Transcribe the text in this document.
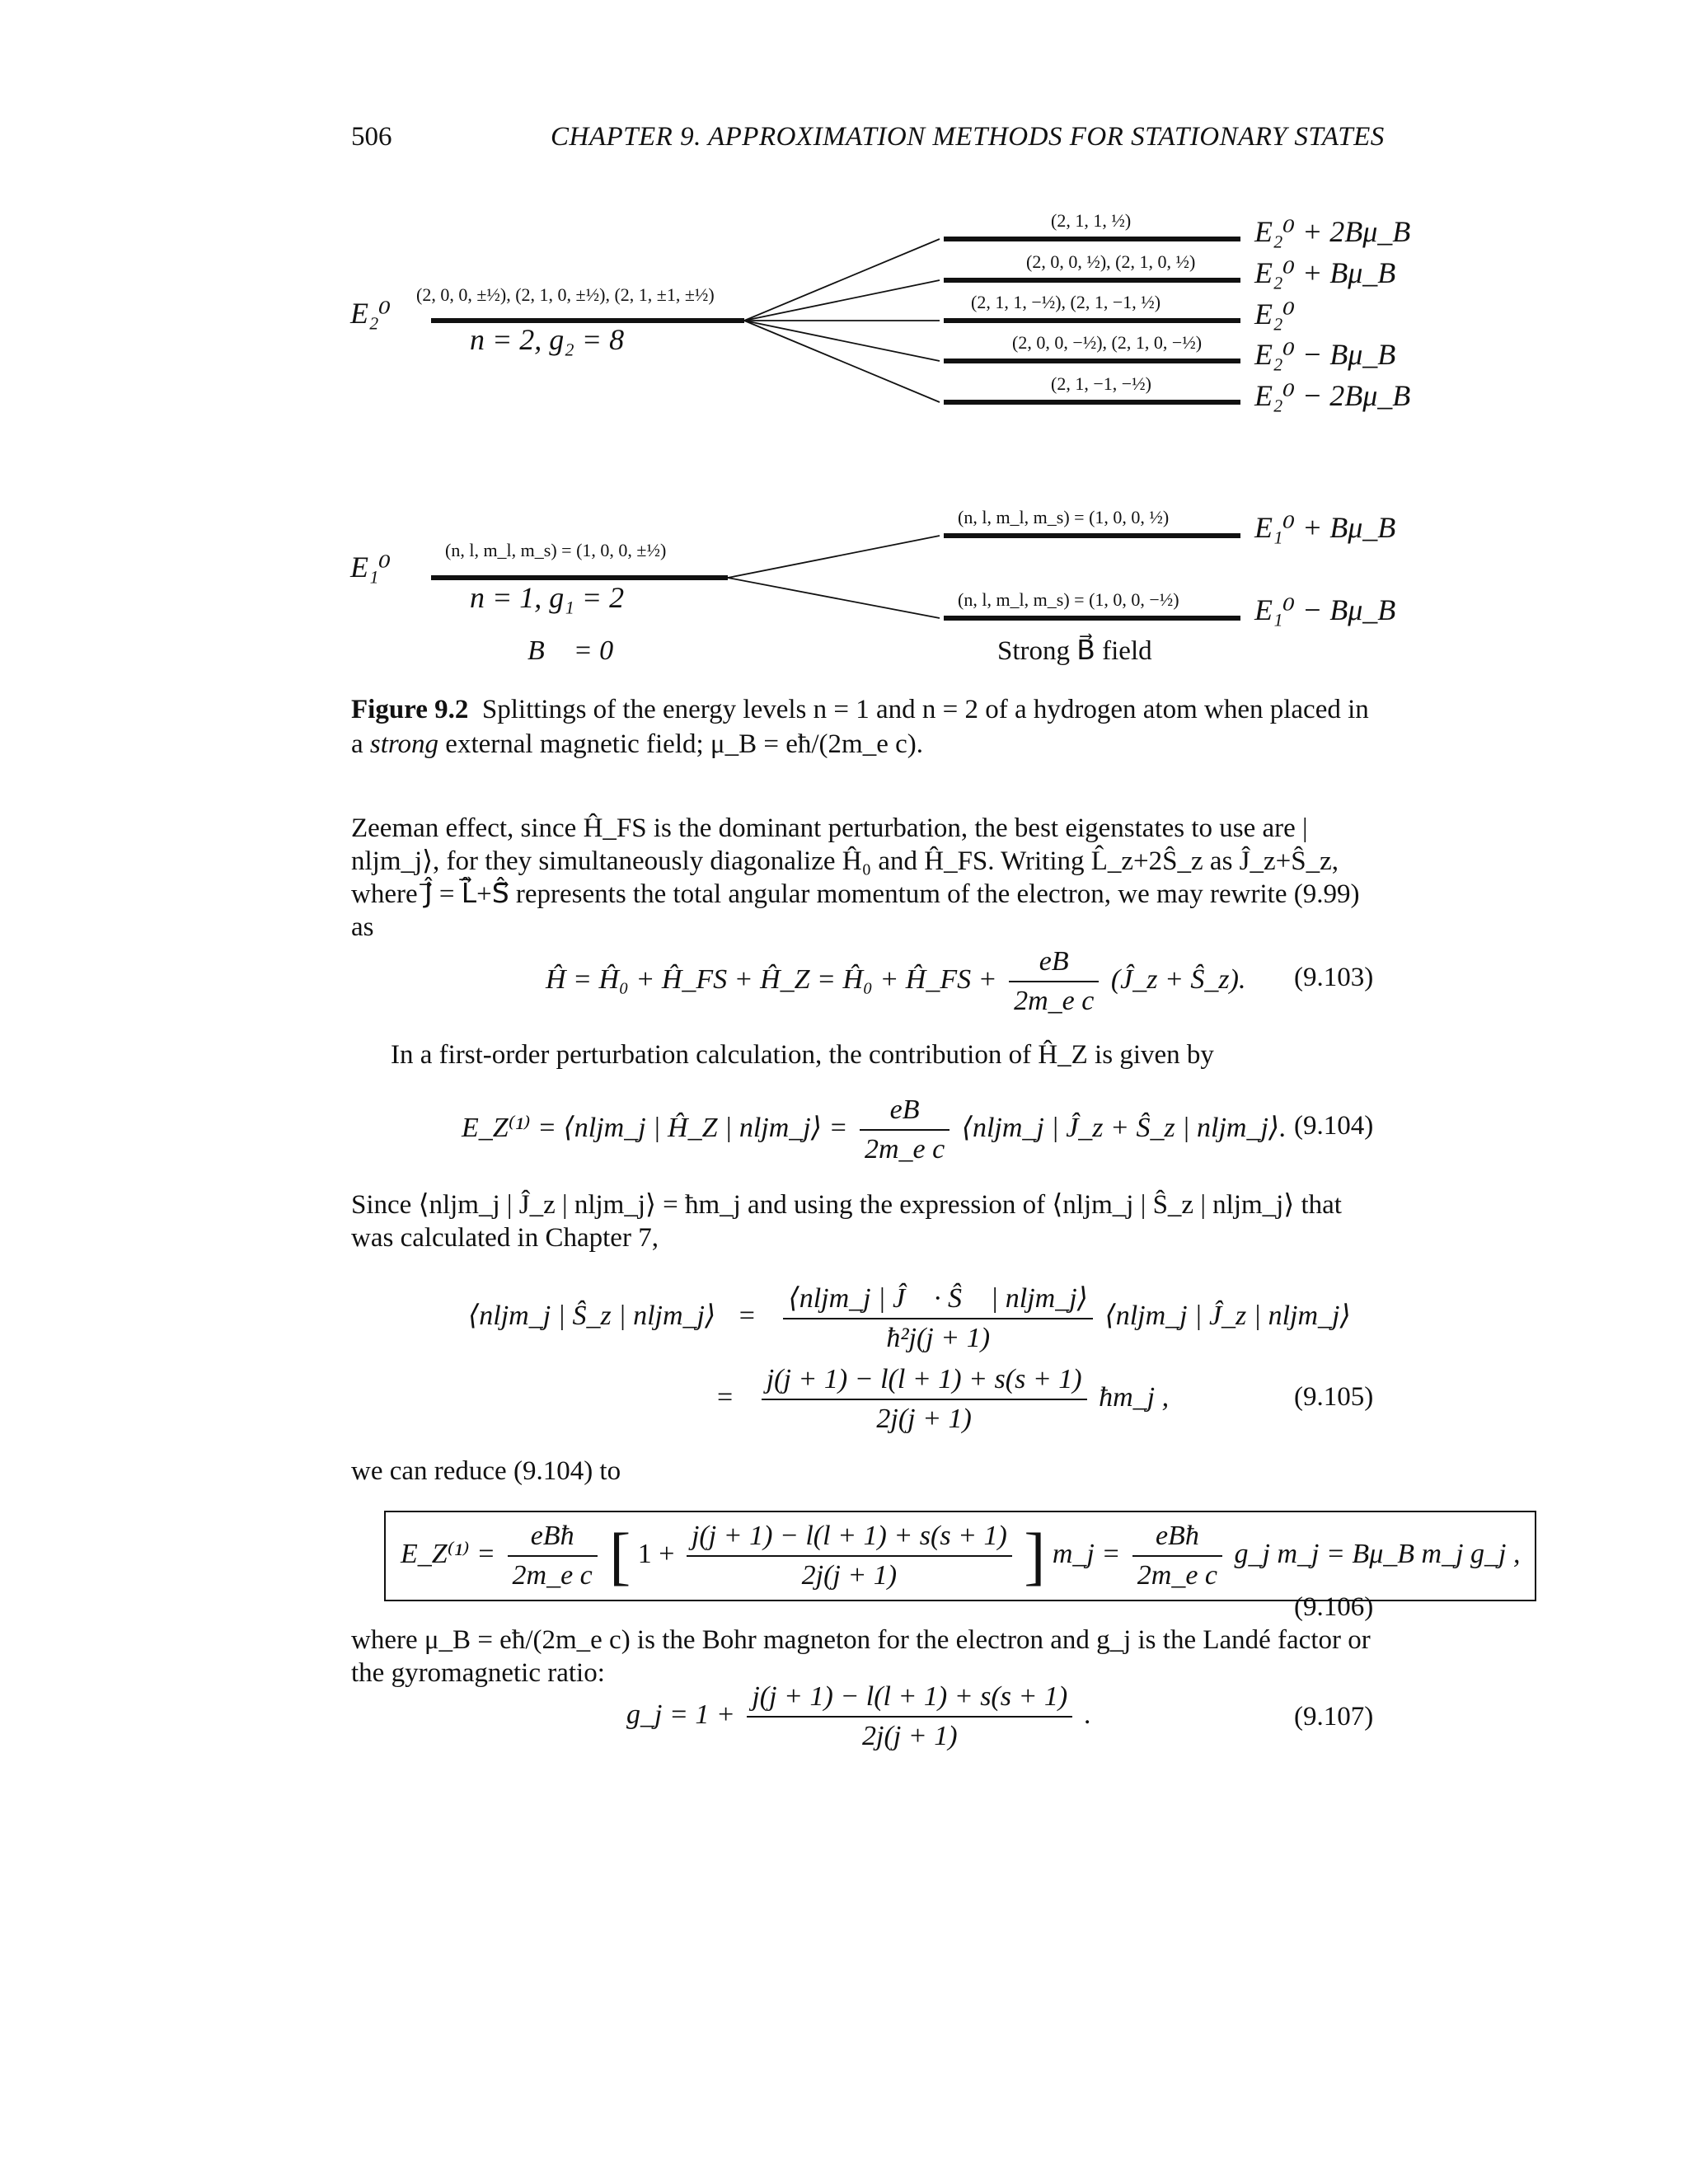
506	CHAPTER 9. APPROXIMATION METHODS FOR STATIONARY STATES
E₂⁰
(2, 0, 0, ±½), (2, 1, 0, ±½), (2, 1, ±1, ±½)
n = 2, g₂ = 8
(2, 1, 1, ½)
(2, 0, 0, ½), (2, 1, 0, ½)
(2, 1, 1, −½), (2, 1, −1, ½)
(2, 0, 0, −½), (2, 1, 0, −½)
(2, 1, −1, −½)
E₂⁰ + 2Bμ_B
E₂⁰ + Bμ_B
E₂⁰
E₂⁰ − Bμ_B
E₂⁰ − 2Bμ_B
E₁⁰
(n, l, m_l, m_s) = (1, 0, 0, ±½)
n = 1, g₁ = 2
(n, l, m_l, m_s) = (1, 0, 0, ½)
(n, l, m_l, m_s) = (1, 0, 0, −½)
E₁⁰ + Bμ_B
E₁⁰ − Bμ_B
B⃗ = 0	Strong B⃗ field
Figure 9.2 Splittings of the energy levels n = 1 and n = 2 of a hydrogen atom when placed in a strong external magnetic field; μ_B = eħ/(2m_e c).
Zeeman effect, since Ĥ_FS is the dominant perturbation, the best eigenstates to use are | nljm_j⟩, for they simultaneously diagonalize Ĥ₀ and Ĥ_FS. Writing L̂_z+2Ŝ_z as Ĵ_z+Ŝ_z, where Ĵ⃗ = L̂⃗+Ŝ⃗ represents the total angular momentum of the electron, we may rewrite (9.99) as
Ĥ = Ĥ₀ + Ĥ_FS + Ĥ_Z = Ĥ₀ + Ĥ_FS + $\frac{eB}{\text{2m\_e c}}$ (Ĵ_z + Ŝ_z). (9.103)
In a first-order perturbation calculation, the contribution of Ĥ_Z is given by
E_Z⁽¹⁾ = ⟨nljm_j | Ĥ_Z | nljm_j⟩ = $\frac{eB}{\text{2m\_e c}}$ ⟨nljm_j | Ĵ_z + Ŝ_z | nljm_j⟩. (9.104)
Since ⟨nljm_j | Ĵ_z | nljm_j⟩ = ħm_j and using the expression of ⟨nljm_j | Ŝ_z | nljm_j⟩ that was calculated in Chapter 7,
⟨nljm_j | Ŝ_z | nljm_j⟩ = $\frac{\text{⟨nljm\_j | Ĵ⃗ · Ŝ⃗ | nljm\_j⟩}}{\text{ħ²j(j + 1)}}$ ⟨nljm_j | Ĵ_z | nljm_j⟩
= $\frac{j(j + 1) - l(l + 1) + s(s + 1)}{2j(j + 1)}$ ħm_j ,	(9.105)
we can reduce (9.104) to
E_Z⁽¹⁾ = $\frac{\text{eBħ}}{\text{2m\_e c}}$ [ $1 + \frac{j(j + 1) - l(l + 1) + s(s + 1)}{2j(j + 1)}$ ] m_j = $\frac{\text{eBħ}}{\text{2m\_e c}}$ g_j m_j = Bμ_B m_j g_j ,
(9.106)
where μ_B = eħ/(2m_e c) is the Bohr magneton for the electron and g_j is the Landé factor or the gyromagnetic ratio:
g_j = $1 + \frac{j(j + 1) - l(l + 1) + s(s + 1)}{2j(j + 1)}$ .	(9.107)
